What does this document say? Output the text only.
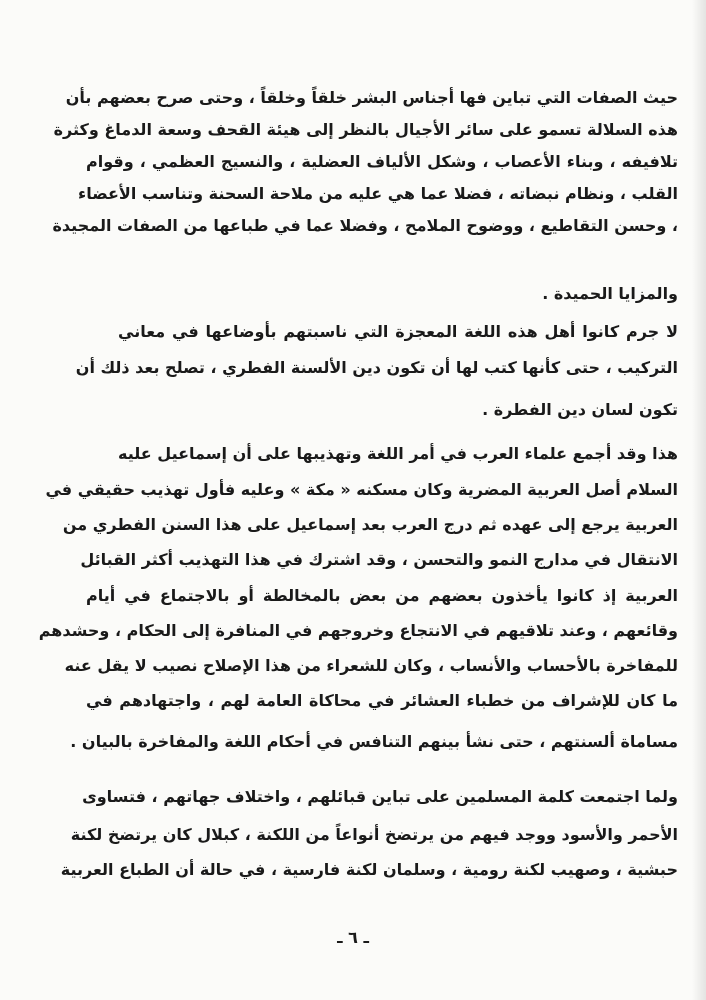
حيث الصفات التي تباين فها أجناس البشر خلقاً وخلقاً ، وحتى صرح بعضهم بأن
هذه السلالة تسمو على سائر الأجيال بالنظر إلى هيئة القحف وسعة الدماغ وكثرة
تلافيفه ، وبناء الأعصاب ، وشكل الألياف العضلية ، والنسيج العظمي ، وقوام
القلب ، ونظام نبضاته ، فضلا عما هي عليه من ملاحة السحنة وتناسب الأعضاء
، وحسن التقاطيع ، ووضوح الملامح ، وفضلا عما في طباعها من الصفات المجيدة
والمزايا الحميدة .
لا جرم كانوا أهل هذه اللغة المعجزة التي ناسبتهم بأوضاعها في معاني
التركيب ، حتى كأنها كتب لها أن تكون دين الألسنة الفطري ، تصلح بعد ذلك أن
تكون لسان دين الفطرة .
هذا وقد أجمع علماء العرب في أمر اللغة وتهذيبها على أن إسماعيل عليه
السلام أصل العربية المضرية وكان مسكنه « مكة » وعليه فأول تهذيب حقيقي في
العربية يرجع إلى عهده ثم درج العرب بعد إسماعيل على هذا السنن الفطري من
الانتقال في مدارج النمو والتحسن ، وقد اشترك في هذا التهذيب أكثر القبائل
العربية إذ كانوا يأخذون بعضهم من بعض بالمخالطة أو بالاجتماع في أيام
وقائعهم ، وعند تلاقيهم في الانتجاع وخروجهم في المنافرة إلى الحكام ، وحشدهم
للمفاخرة بالأحساب والأنساب ، وكان للشعراء من هذا الإصلاح نصيب لا يقل عنه
ما كان للإشراف من خطباء العشائر في محاكاة العامة لهم ، واجتهادهم في
مساماة ألسنتهم ، حتى نشأ بينهم التنافس في أحكام اللغة والمفاخرة بالبيان .
ولما اجتمعت كلمة المسلمين على تباين قبائلهم ، واختلاف جهاتهم ، فتساوى
الأحمر والأسود ووجد فيهم من يرتضخ أنواعاً من اللكنة ، كبلال كان يرتضخ لكنة
حبشية ، وصهيب لكنة رومية ، وسلمان لكنة فارسية ، في حالة أن الطباع العربية
ـ ٦ ـ
